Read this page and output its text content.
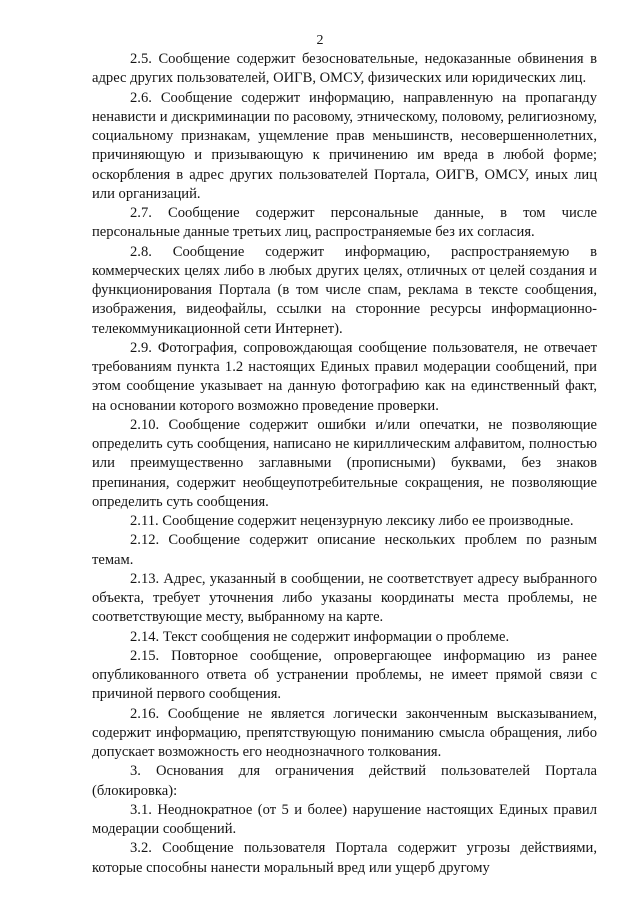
2

2.5. Сообщение содержит безосновательные, недоказанные обвинения в адрес других пользователей, ОИГВ, ОМСУ, физических или юридических лиц.

2.6. Сообщение содержит информацию, направленную на пропаганду ненависти и дискриминации по расовому, этническому, половому, религиозному, социальному признакам, ущемление прав меньшинств, несовершеннолетних, причиняющую и призывающую к причинению им вреда в любой форме; оскорбления в адрес других пользователей Портала, ОИГВ, ОМСУ, иных лиц или организаций.

2.7. Сообщение содержит персональные данные, в том числе персональные данные третьих лиц, распространяемые без их согласия.

2.8. Сообщение содержит информацию, распространяемую в коммерческих целях либо в любых других целях, отличных от целей создания и функционирования Портала (в том числе спам, реклама в тексте сообщения, изображения, видеофайлы, ссылки на сторонние ресурсы информационно-телекоммуникационной сети Интернет).

2.9. Фотография, сопровождающая сообщение пользователя, не отвечает требованиям пункта 1.2 настоящих Единых правил модерации сообщений, при этом сообщение указывает на данную фотографию как на единственный факт, на основании которого возможно проведение проверки.

2.10. Сообщение содержит ошибки и/или опечатки, не позволяющие определить суть сообщения, написано не кириллическим алфавитом, полностью или преимущественно заглавными (прописными) буквами, без знаков препинания, содержит необщеупотребительные сокращения, не позволяющие определить суть сообщения.

2.11. Сообщение содержит нецензурную лексику либо ее производные.

2.12. Сообщение содержит описание нескольких проблем по разным темам.

2.13. Адрес, указанный в сообщении, не соответствует адресу выбранного объекта, требует уточнения либо указаны координаты места проблемы, не соответствующие месту, выбранному на карте.

2.14. Текст сообщения не содержит информации о проблеме.

2.15. Повторное сообщение, опровергающее информацию из ранее опубликованного ответа об устранении проблемы, не имеет прямой связи с причиной первого сообщения.

2.16. Сообщение не является логически законченным высказыванием, содержит информацию, препятствующую пониманию смысла обращения, либо допускает возможность его неоднозначного толкования.

3. Основания для ограничения действий пользователей Портала (блокировка):

3.1. Неоднократное (от 5 и более) нарушение настоящих Единых правил модерации сообщений.

3.2. Сообщение пользователя Портала содержит угрозы действиями, которые способны нанести моральный вред или ущерб другому
